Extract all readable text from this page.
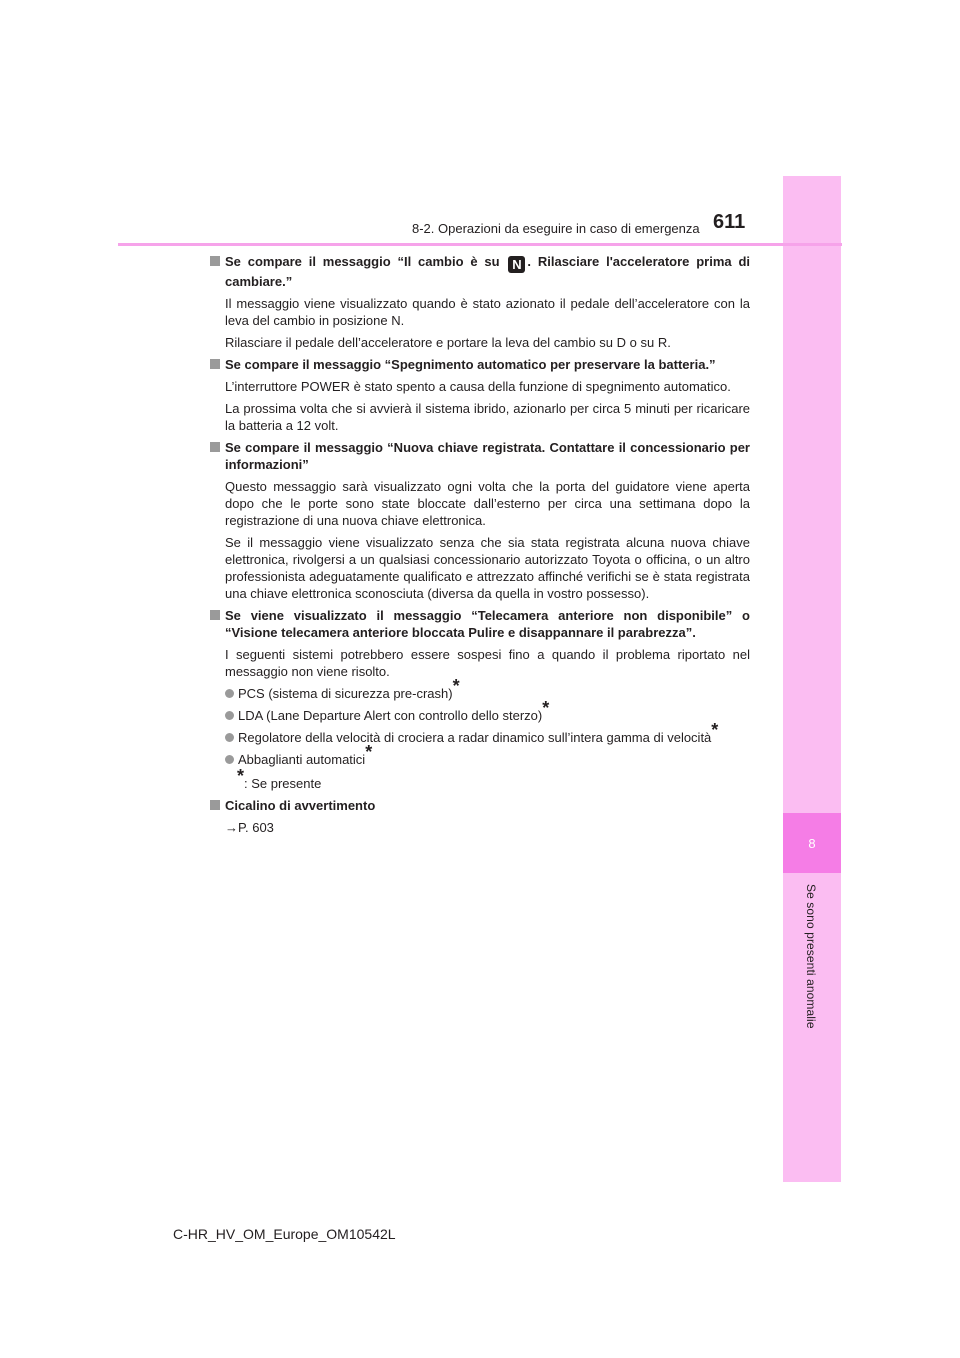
8
Se sono presenti anomalie
8-2. Operazioni da eseguire in caso di emergenza 611
Se compare il messaggio “Il cambio è su N . Rilasciare l'acceleratore prima di cambiare.”
Il messaggio viene visualizzato quando è stato azionato il pedale dell’acceleratore con la leva del cambio in posizione N.
Rilasciare il pedale dell’acceleratore e portare la leva del cambio su D o su R.
Se compare il messaggio “Spegnimento automatico per preservare la batteria.”
L’interruttore POWER è stato spento a causa della funzione di spegnimento automatico.
La prossima volta che si avvierà il sistema ibrido, azionarlo per circa 5 minuti per ricaricare la batteria a 12 volt.
Se compare il messaggio “Nuova chiave registrata. Contattare il concessionario per informazioni”
Questo messaggio sarà visualizzato ogni volta che la porta del guidatore viene aperta dopo che le porte sono state bloccate dall’esterno per circa una settimana dopo la registrazione di una nuova chiave elettronica.
Se il messaggio viene visualizzato senza che sia stata registrata alcuna nuova chiave elettronica, rivolgersi a un qualsiasi concessionario autorizzato Toyota o officina, o un altro professionista adeguatamente qualificato e attrezzato affinché verifichi se è stata registrata una chiave elettronica sconosciuta (diversa da quella in vostro possesso).
Se viene visualizzato il messaggio “Telecamera anteriore non disponibile” o “Visione telecamera anteriore bloccata Pulire e disappannare il parabrezza”.
I seguenti sistemi potrebbero essere sospesi fino a quando il problema riportato nel messaggio non viene risolto.
PCS (sistema di sicurezza pre-crash)*
LDA (Lane Departure Alert con controllo dello sterzo)*
Regolatore della velocità di crociera a radar dinamico sull’intera gamma di velocità*
Abbaglianti automatici*
*: Se presente
Cicalino di avvertimento
→P. 603
C-HR_HV_OM_Europe_OM10542L
